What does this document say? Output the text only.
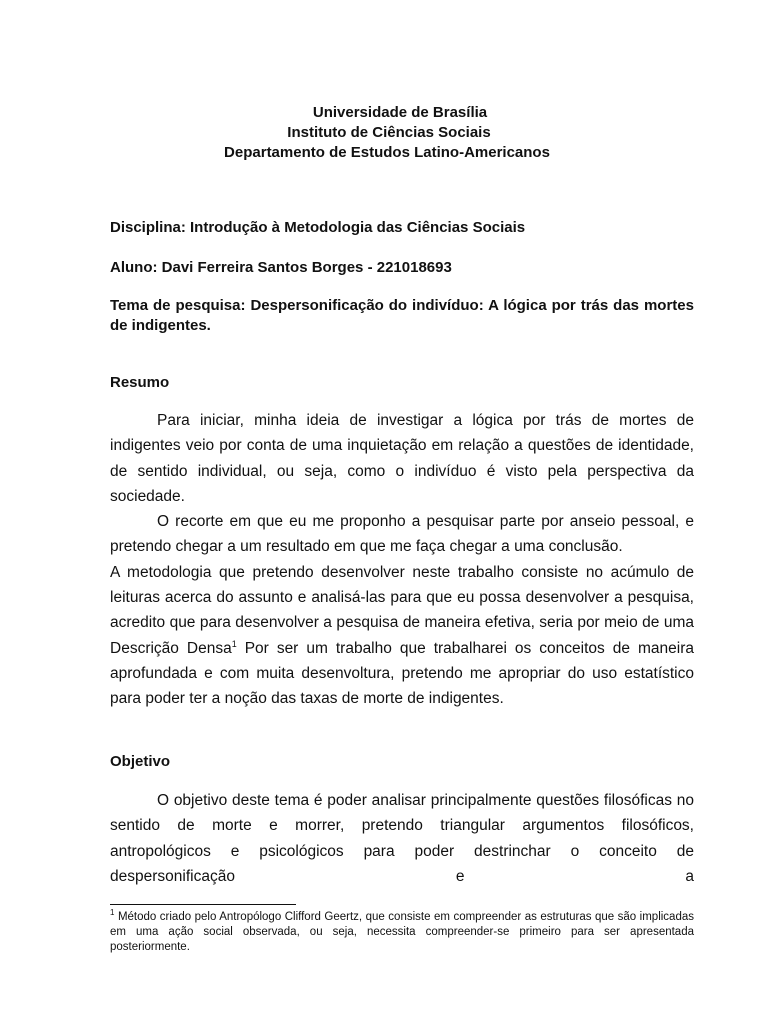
Universidade de Brasília
Instituto de Ciências Sociais
Departamento de Estudos Latino-Americanos
Disciplina: Introdução à Metodologia das Ciências Sociais
Aluno: Davi Ferreira Santos Borges - 221018693
Tema de pesquisa: Despersonificação do indivíduo: A lógica por trás das mortes de indigentes.
Resumo

Para iniciar, minha ideia de investigar a lógica por trás de mortes de indigentes veio por conta de uma inquietação em relação a questões de identidade, de sentido individual, ou seja, como o indivíduo é visto pela perspectiva da sociedade.

O recorte em que eu me proponho a pesquisar parte por anseio pessoal, e pretendo chegar a um resultado em que me faça chegar a uma conclusão.

A metodologia que pretendo desenvolver neste trabalho consiste no acúmulo de leituras acerca do assunto e analisá-las para que eu possa desenvolver a pesquisa, acredito que para desenvolver a pesquisa de maneira efetiva, seria por meio de uma Descrição Densa$^1$ Por ser um trabalho que trabalharei os conceitos de maneira aprofundada e com muita desenvoltura, pretendo me apropriar do uso estatístico para poder ter a noção das taxas de morte de indigentes.

Objetivo

O objetivo deste tema é poder analisar principalmente questões filosóficas no sentido de morte e morrer, pretendo triangular argumentos filosóficos, antropológicos e psicológicos para poder destrinchar o conceito de despersonificação e a

$^1$ Método criado pelo Antropólogo Clifford Geertz, que consiste em compreender as estruturas que são implicadas em uma ação social observada, ou seja, necessita compreender-se primeiro para ser apresentada posteriormente.
